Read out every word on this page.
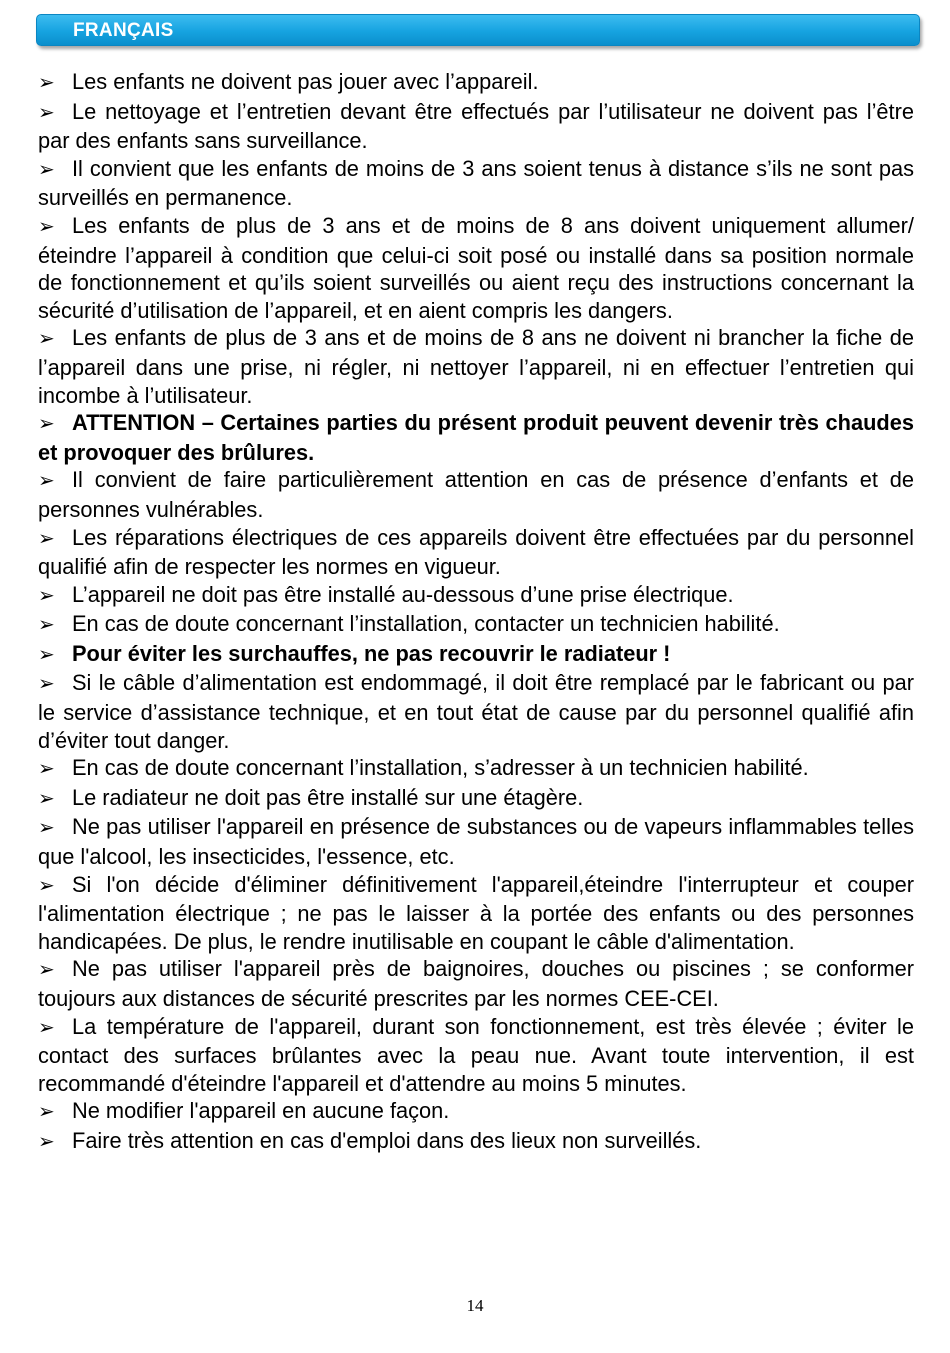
FRANÇAIS

➢ Les enfants ne doivent pas jouer avec l’appareil.

➢ Le nettoyage et l’entretien devant être effectués par l’utilisateur ne doivent pas l’être par des enfants sans surveillance.

➢ Il convient que les enfants de moins de 3 ans soient tenus à distance s’ils ne sont pas surveillés en permanence.

➢ Les enfants de plus de 3 ans et de moins de 8 ans doivent uniquement allumer/éteindre l’appareil à condition que celui-ci soit posé ou installé dans sa position normale de fonctionnement et qu’ils soient surveillés ou aient reçu des instructions concernant la sécurité d’utilisation de l’appareil, et en aient compris les dangers.

➢ Les enfants de plus de 3 ans et de moins de 8 ans ne doivent ni brancher la fiche de l’appareil dans une prise, ni régler, ni nettoyer l’appareil, ni en effectuer l’entretien qui incombe à l’utilisateur.

➢ ATTENTION – Certaines parties du présent produit peuvent devenir très chaudes et provoquer des brûlures.

➢ Il convient de faire particulièrement attention en cas de présence d’enfants et de personnes vulnérables.

➢ Les réparations électriques de ces appareils doivent être effectuées par du personnel qualifié afin de respecter les normes en vigueur.

➢ L’appareil ne doit pas être installé au-dessous d’une prise électrique.

➢ En cas de doute concernant l’installation, contacter un technicien habilité.

➢ Pour éviter les surchauffes, ne pas recouvrir le radiateur !

➢ Si le câble d’alimentation est endommagé, il doit être remplacé par le fabricant ou par le service d’assistance technique, et en tout état de cause par du personnel qualifié afin d’éviter tout danger.

➢ En cas de doute concernant l’installation, s’adresser à un technicien habilité.

➢ Le radiateur ne doit pas être installé sur une étagère.

➢ Ne pas utiliser l'appareil en présence de substances ou de vapeurs inflammables telles que l'alcool, les insecticides, l'essence, etc.

➢ Si l'on décide d'éliminer définitivement l'appareil,éteindre l'interrupteur et couper l'alimentation électrique ; ne pas le laisser à la portée des enfants ou des personnes handicapées. De plus, le rendre inutilisable en coupant le câble d'alimentation.

➢ Ne pas utiliser l'appareil près de baignoires, douches ou piscines ; se conformer toujours aux distances de sécurité prescrites par les normes CEE-CEI.

➢ La température de l'appareil, durant son fonctionnement, est très élevée ; éviter le contact des surfaces brûlantes avec la peau nue. Avant toute intervention, il est recommandé d'éteindre l'appareil et d'attendre au moins 5 minutes.

➢ Ne modifier l'appareil en aucune façon.

➢ Faire très attention en cas d'emploi dans des lieux non surveillés.

14
